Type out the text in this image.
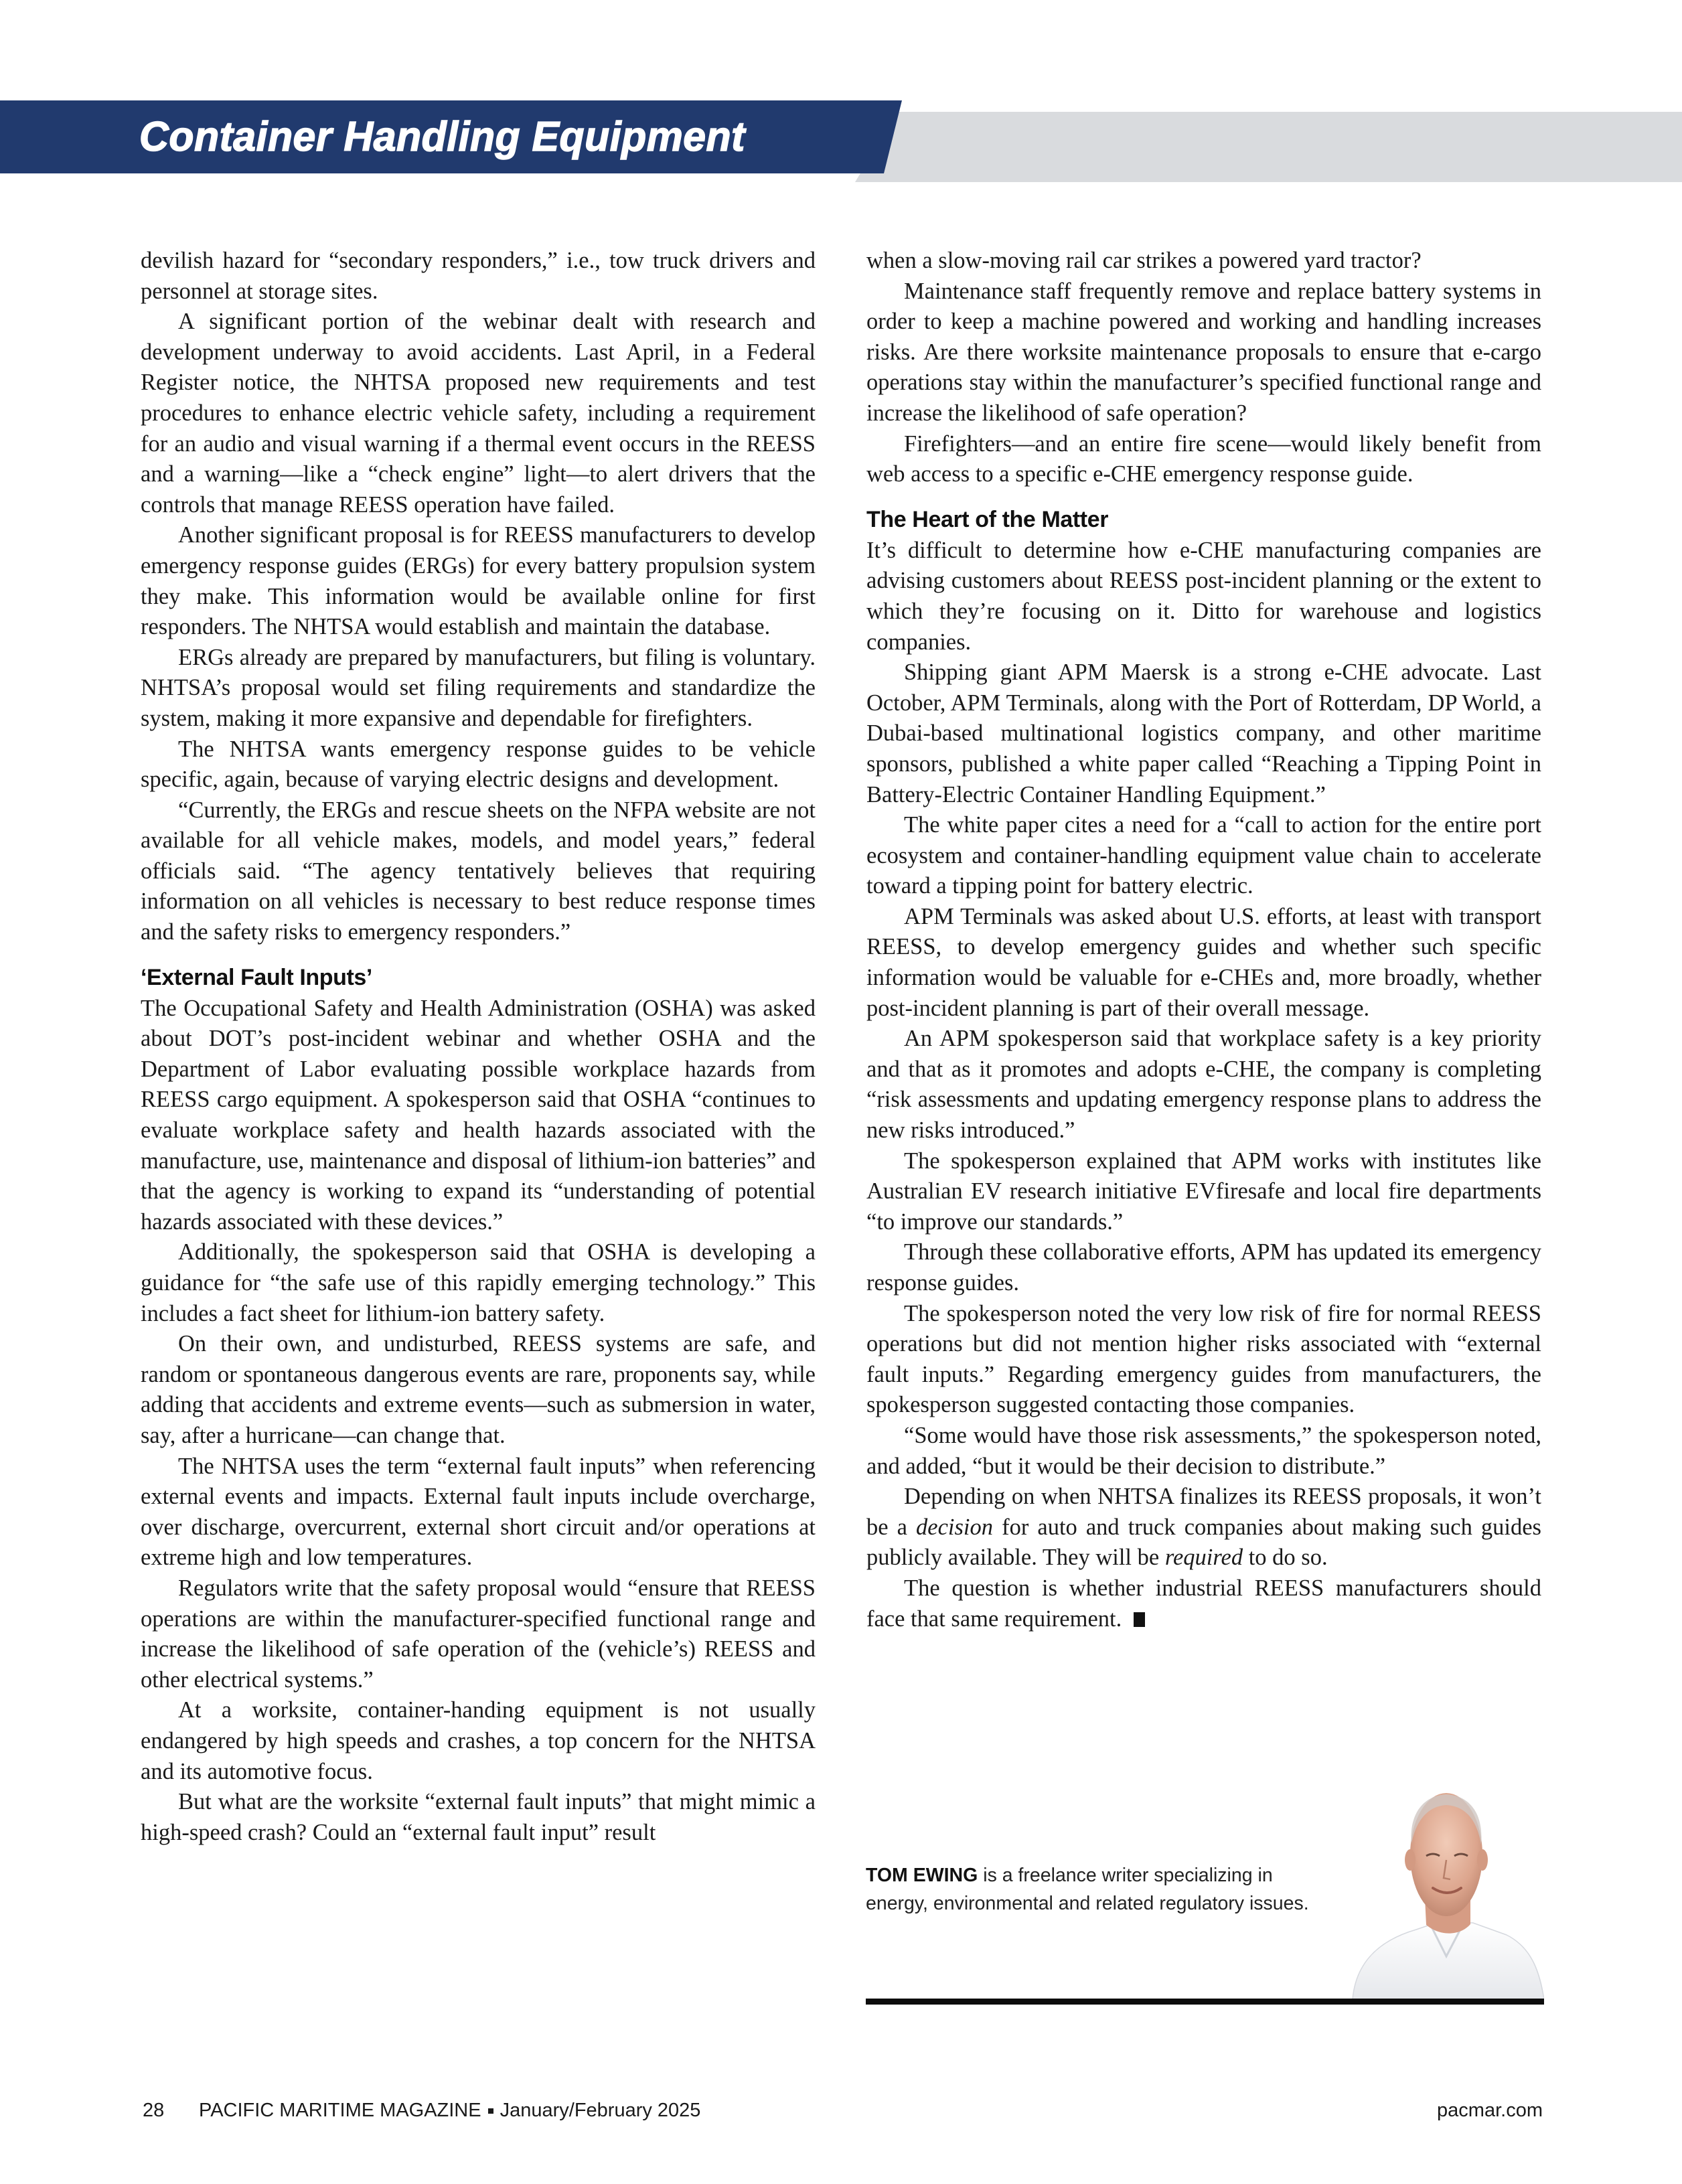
Container Handling Equipment

devilish hazard for “secondary responders,” i.e., tow truck drivers and personnel at storage sites.

A significant portion of the webinar dealt with research and development underway to avoid accidents. Last April, in a Federal Register notice, the NHTSA proposed new requirements and test procedures to enhance electric vehicle safety, including a requirement for an audio and visual warning if a thermal event occurs in the REESS and a warning—like a “check engine” light—to alert drivers that the controls that manage REESS operation have failed.

Another significant proposal is for REESS manufacturers to develop emergency response guides (ERGs) for every battery propulsion system they make. This information would be available online for first responders. The NHTSA would establish and maintain the database.

ERGs already are prepared by manufacturers, but filing is voluntary. NHTSA’s proposal would set filing requirements and standardize the system, making it more expansive and dependable for firefighters.

The NHTSA wants emergency response guides to be vehicle specific, again, because of varying electric designs and development.

“Currently, the ERGs and rescue sheets on the NFPA website are not available for all vehicle makes, models, and model years,” federal officials said. “The agency tentatively believes that requiring information on all vehicles is necessary to best reduce response times and the safety risks to emergency responders.”

‘External Fault Inputs’

The Occupational Safety and Health Administration (OSHA) was asked about DOT’s post-incident webinar and whether OSHA and the Department of Labor evaluating possible workplace hazards from REESS cargo equipment. A spokesperson said that OSHA “continues to evaluate workplace safety and health hazards associated with the manufacture, use, maintenance and disposal of lithium-ion batteries” and that the agency is working to expand its “understanding of potential hazards associated with these devices.”

Additionally, the spokesperson said that OSHA is developing a guidance for “the safe use of this rapidly emerging technology.” This includes a fact sheet for lithium-ion battery safety.

On their own, and undisturbed, REESS systems are safe, and random or spontaneous dangerous events are rare, proponents say, while adding that accidents and extreme events—such as submersion in water, say, after a hurricane—can change that.

The NHTSA uses the term “external fault inputs” when referencing external events and impacts. External fault inputs include overcharge, over discharge, overcurrent, external short circuit and/or operations at extreme high and low temperatures.

Regulators write that the safety proposal would “ensure that REESS operations are within the manufacturer-specified functional range and increase the likelihood of safe operation of the (vehicle’s) REESS and other electrical systems.”

At a worksite, container-handing equipment is not usually endangered by high speeds and crashes, a top concern for the NHTSA and its automotive focus.

But what are the worksite “external fault inputs” that might mimic a high-speed crash? Could an “external fault input” result

when a slow-moving rail car strikes a powered yard tractor?

Maintenance staff frequently remove and replace battery systems in order to keep a machine powered and working and handling increases risks. Are there worksite maintenance proposals to ensure that e-cargo operations stay within the manufacturer’s specified functional range and increase the likelihood of safe operation?

Firefighters—and an entire fire scene—would likely benefit from web access to a specific e-CHE emergency response guide.

The Heart of the Matter

It’s difficult to determine how e-CHE manufacturing companies are advising customers about REESS post-incident planning or the extent to which they’re focusing on it. Ditto for warehouse and logistics companies.

Shipping giant APM Maersk is a strong e-CHE advocate. Last October, APM Terminals, along with the Port of Rotterdam, DP World, a Dubai-based multinational logistics company, and other maritime sponsors, published a white paper called “Reaching a Tipping Point in Battery-Electric Container Handling Equipment.”

The white paper cites a need for a “call to action for the entire port ecosystem and container-handling equipment value chain to accelerate toward a tipping point for battery electric.

APM Terminals was asked about U.S. efforts, at least with transport REESS, to develop emergency guides and whether such specific information would be valuable for e-CHEs and, more broadly, whether post-incident planning is part of their overall message.

An APM spokesperson said that workplace safety is a key priority and that as it promotes and adopts e-CHE, the company is completing “risk assessments and updating emergency response plans to address the new risks introduced.”

The spokesperson explained that APM works with institutes like Australian EV research initiative EVfiresafe and local fire departments “to improve our standards.”

Through these collaborative efforts, APM has updated its emergency response guides.

The spokesperson noted the very low risk of fire for normal REESS operations but did not mention higher risks associated with “external fault inputs.” Regarding emergency guides from manufacturers, the spokesperson suggested contacting those companies.

“Some would have those risk assessments,” the spokesperson noted, and added, “but it would be their decision to distribute.”

Depending on when NHTSA finalizes its REESS proposals, it won’t be a decision for auto and truck companies about making such guides publicly available. They will be required to do so.

The question is whether industrial REESS manufacturers should face that same requirement.

TOM EWING is a freelance writer specializing in energy, environmental and related regulatory issues.
28 PACIFIC MARITIME MAGAZINE January/February 2025	pacmar.com
